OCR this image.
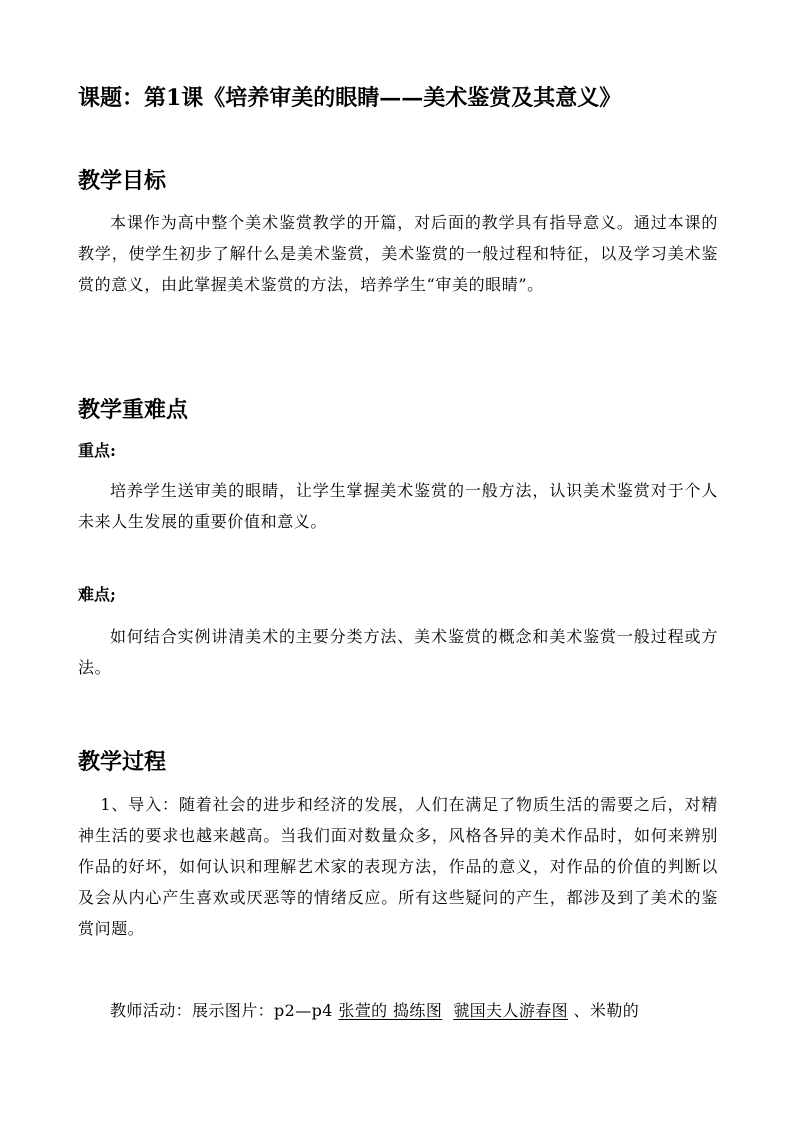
课题：第1课《培养审美的眼睛——美术鉴赏及其意义》
教学目标
本课作为高中整个美术鉴赏教学的开篇，对后面的教学具有指导意义。通过本课的教学，使学生初步了解什么是美术鉴赏，美术鉴赏的一般过程和特征，以及学习美术鉴赏的意义，由此掌握美术鉴赏的方法，培养学生“审美的眼睛”。
教学重难点
重点:
培养学生送审美的眼睛，让学生掌握美术鉴赏的一般方法，认识美术鉴赏对于个人未来人生发展的重要价值和意义。
难点;
如何结合实例讲清美术的主要分类方法、美术鉴赏的概念和美术鉴赏一般过程或方法。
教学过程
1、导入：随着社会的进步和经济的发展，人们在满足了物质生活的需要之后，对精神生活的要求也越来越高。当我们面对数量众多，风格各异的美术作品时，如何来辨别作品的好坏，如何认识和理解艺术家的表现方法，作品的意义，对作品的价值的判断以及会从内心产生喜欢或厌恶等的情绪反应。所有这些疑问的产生，都涉及到了美术的鉴赏问题。
教师活动：展示图片：p2—p4 张萱的 捣练图 虢国夫人游春图 、米勒的
